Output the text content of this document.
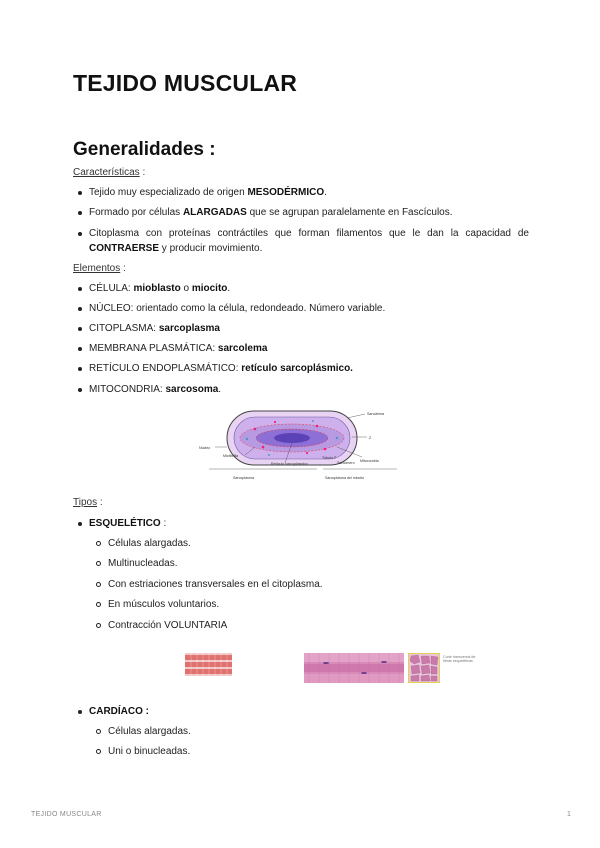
TEJIDO MUSCULAR
Generalidades :
Características :
Tejido muy especializado de origen MESODÉRMICO.
Formado por células ALARGADAS que se agrupan paralelamente en Fascículos.
Citoplasma con proteínas contráctiles que forman filamentos que le dan la capacidad de CONTRAERSE y producir movimiento.
Elementos :
CÉLULA: mioblasto o miocito.
NÚCLEO: orientado como la célula, redondeado. Número variable.
CITOPLASMA: sarcoplasma
MEMBRANA PLASMÁTICA: sarcolema
RETÍCULO ENDOPLASMÁTICO: retículo sarcoplásmico.
MITOCONDRIA: sarcosoma.
Sarcolema
Z
Núcleo
Miofibrilla
Mitocondria
Retículo sarcoplásmico
Túbulo T
Sarcómero
Sarcoplasma	Sarcoplasma del miocito
Tipos :
ESQUELÉTICO :
Células alargadas.
Multinucleadas.
Con estriaciones transversales en el citoplasma.
En músculos voluntarios.
Contracción VOLUNTARIA
Corte transversal de fibras esqueléticas
CARDÍACO :
Células alargadas.
Uni o binucleadas.
TEJIDO MUSCULAR	1
